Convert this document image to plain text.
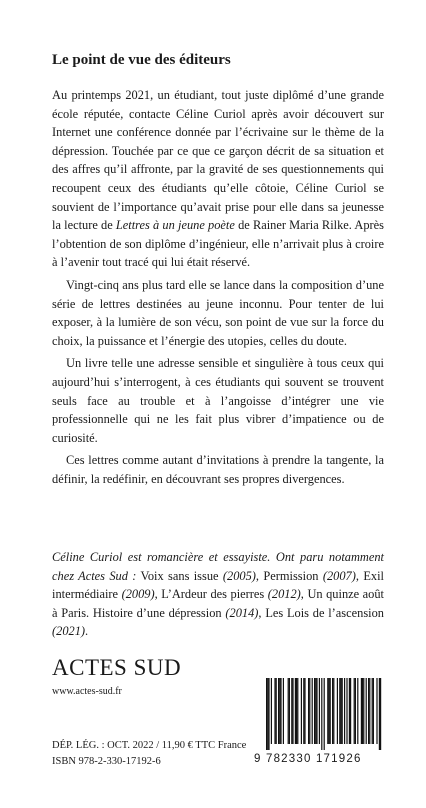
Le point de vue des éditeurs

Au printemps 2021, un étudiant, tout juste diplômé d’une grande école réputée, contacte Céline Curiol après avoir découvert sur Internet une conférence donnée par l’écrivaine sur le thème de la dépression. Touchée par ce que ce garçon décrit de sa situation et des affres qu’il affronte, par la gravité de ses questionnements qui recoupent ceux des étudiants qu’elle côtoie, Céline Curiol se souvient de l’importance qu’avait prise pour elle dans sa jeunesse la lecture de Lettres à un jeune poète de Rainer Maria Rilke. Après l’obtention de son diplôme d’ingénieur, elle n’arrivait plus à croire à l’avenir tout tracé qui lui était réservé.

Vingt-cinq ans plus tard elle se lance dans la composition d’une série de lettres destinées au jeune inconnu. Pour tenter de lui exposer, à la lumière de son vécu, son point de vue sur la force du choix, la puissance et l’énergie des utopies, celles du doute.

Un livre telle une adresse sensible et singulière à tous ceux qui aujourd’hui s’interrogent, à ces étudiants qui souvent se trouvent seuls face au trouble et à l’angoisse d’intégrer une vie professionnelle qui ne les fait plus vibrer d’impatience ou de curiosité.

Ces lettres comme autant d’invitations à prendre la tangente, la définir, la redéfinir, en découvrant ses propres divergences.

Céline Curiol est romancière et essayiste. Ont paru notamment chez Actes Sud : Voix sans issue (2005), Permission (2007), Exil intermédiaire (2009), L’Ardeur des pierres (2012), Un quinze août à Paris. Histoire d’une dépression (2014), Les Lois de l’ascension (2021).
ACTES SUD
www.actes-sud.fr
DÉP. LÉG. : OCT. 2022 / 11,90 € TTC France
ISBN 978-2-330-17192-6	9 782330 171926
